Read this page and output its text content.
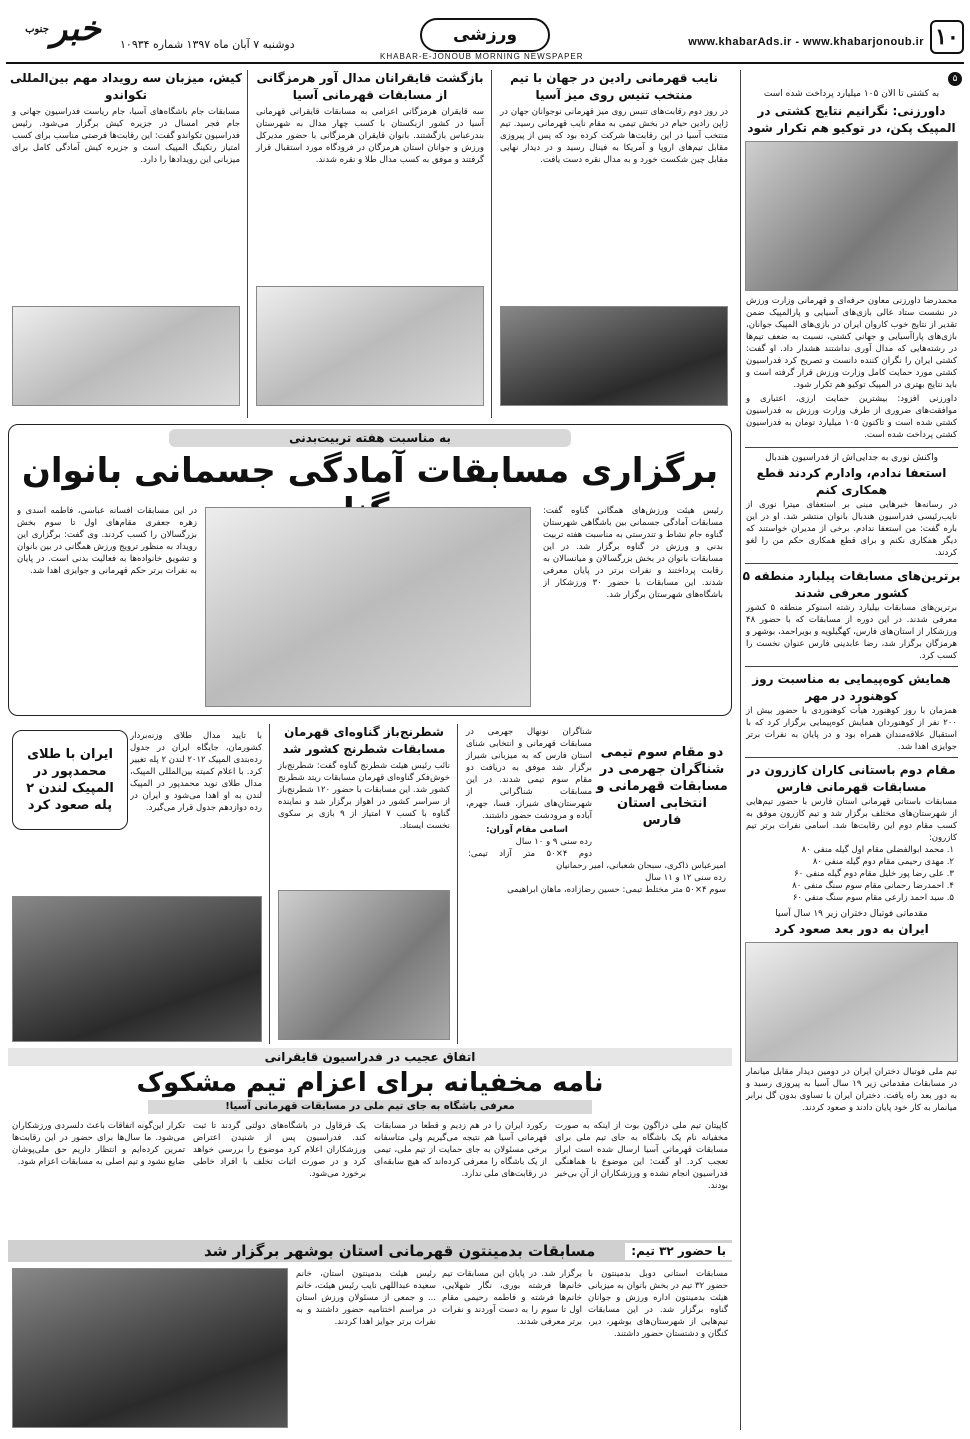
۱۰
www.khabarAds.ir - www.khabarjonoub.ir
ورزشی
KHABAR-E-JONOUB MORNING NEWSPAPER
خبر
جنوب
دوشنبه ۷ آبان ماه ۱۳۹۷ شماره ۱۰۹۳۴
۵
به کشتی تا الان ۱۰۵ میلیارد پرداخت شده است
داورزنی: نگرانیم نتایج کشتی در المپیک پکن، در توکیو هم تکرار شود
محمدرضا داورزنی معاون حرفه‌ای و قهرمانی وزارت ورزش در نشست ستاد عالی بازی‌های آسیایی و پارالمپیک ضمن تقدیر از نتایج خوب کاروان ایران در بازی‌های المپیک جوانان، بازی‌های پاراآسیایی و جهانی کشتی، نسبت به ضعف تیم‌ها در رشته‌هایی که مدال آوری نداشتند هشدار داد. او گفت: کشتی ایران را نگران کننده دانست و تصریح کرد فدراسیون کشتی مورد حمایت کامل وزارت ورزش قرار گرفته است و باید نتایج بهتری در المپیک توکیو هم تکرار شود.
داورزنی افزود: بیشترین حمایت ارزی، اعتباری و موافقت‌های ضروری از طرف وزارت ورزش به فدراسیون کشتی شده است و تاکنون ۱۰۵ میلیارد تومان به فدراسیون کشتی پرداخت شده است.
واکنش نوری به جدایی‌اش از فدراسیون هندبال
استعفا ندادم، وادارم کردند قطع همکاری کنم
در رسانه‌ها خبرهایی مبنی بر استعفای میترا نوری از نایب‌رئیسی فدراسیون هندبال بانوان منتشر شد. او در این باره گفت: من استعفا ندادم. برخی از مدیران خواستند که دیگر همکاری نکنم و برای قطع همکاری حکم من را لغو کردند.
برترین‌های مسابقات پیلبارد منطقه ۵ کشور معرفی شدند
برترین‌های مسابقات بیلیارد رشته اسنوکر منطقه ۵ کشور معرفی شدند. در این دوره از مسابقات که با حضور ۴۸ ورزشکار از استان‌های فارس، کهگیلویه و بویراحمد، بوشهر و هرمزگان برگزار شد، رضا عابدینی فارس عنوان نخست را کسب کرد.
همایش کوه‌پیمایی به مناسبت روز کوهنورد در مهر
همزمان با روز کوهنورد هیأت کوهنوردی با حضور بیش از ۲۰۰ نفر از کوهنوردان همایش کوه‌پیمایی برگزار کرد که با استقبال علاقه‌مندان همراه بود و در پایان به نفرات برتر جوایزی اهدا شد.
مقام دوم باستانی کاران کازرون در مسابقات قهرمانی فارس
مسابقات باستانی قهرمانی استان فارس با حضور تیم‌هایی از شهرستان‌های مختلف برگزار شد و تیم کازرون موفق به کسب مقام دوم این رقابت‌ها شد. اسامی نفرات برتر تیم کازرون:
۱. محمد ابوالفضلی مقام اول گیله منفی ۸۰
۲. مهدی رحیمی مقام دوم گیله منفی ۸۰
۳. علی رضا پور خلیل مقام دوم گیله منفی ۶۰
۴. احمدرضا رحمانی مقام سوم سنگ منفی ۸۰
۵. سید احمد زارعی مقام سوم سنگ منفی ۶۰
مقدماتی فوتبال دختران زیر ۱۹ سال آسیا
ایران به دور بعد صعود کرد
تیم ملی فوتبال دختران ایران در دومین دیدار مقابل میانمار در مسابقات مقدماتی زیر ۱۹ سال آسیا به پیروزی رسید و به دور بعد راه یافت. دختران ایران با تساوی بدون گل برابر میانمار به کار خود پایان دادند و صعود کردند.
نایب قهرمانی رادین در جهان با تیم منتخب تنیس روی میز آسیا
در روز دوم رقابت‌های تنیس روی میز قهرمانی نوجوانان جهان در ژاپن رادین حیام در بخش تیمی به مقام نایب قهرمانی رسید. تیم منتخب آسیا در این رقابت‌ها شرکت کرده بود که پس از پیروزی مقابل تیم‌های اروپا و آمریکا به فینال رسید و در دیدار نهایی مقابل چین شکست خورد و به مدال نقره دست یافت.
بازگشت قایقرانان مدال آور هرمزگانی از مسابقات قهرمانی آسیا
سه قایقران هرمزگانی اعزامی به مسابقات قایقرانی قهرمانی آسیا در کشور ازبکستان با کسب چهار مدال به شهرستان بندرعباس بازگشتند. بانوان قایقران هرمزگانی با حضور مدیرکل ورزش و جوانان استان هرمزگان در فرودگاه مورد استقبال قرار گرفتند و موفق به کسب مدال طلا و نقره شدند.
کیش، میزبان سه رویداد مهم بین‌المللی تکواندو
مسابقات جام باشگاه‌های آسیا، جام ریاست فدراسیون جهانی و جام فجر امسال در جزیره کیش برگزار می‌شود. رئیس فدراسیون تکواندو گفت: این رقابت‌ها فرصتی مناسب برای کسب امتیاز رنکینگ المپیک است و جزیره کیش آمادگی کامل برای میزبانی این رویدادها را دارد.
به مناسبت هفته تربیت‌بدنی
برگزاری مسابقات آمادگی جسمانی بانوان
رئیس هیئت ورزش‌های همگانی گناوه گفت: مسابقات آمادگی جسمانی بین باشگاهی شهرستان گناوه جام نشاط و تندرستی به مناسبت هفته تربیت بدنی و ورزش در گناوه برگزار شد. در این مسابقات بانوان در بخش بزرگسالان و میانسالان به رقابت پرداختند و نفرات برتر در پایان معرفی شدند. این مسابقات با حضور ۳۰ ورزشکار از باشگاه‌های شهرستان برگزار شد.
در این مسابقات افسانه عباسی، فاطمه اسدی و زهره جعفری مقام‌های اول تا سوم بخش بزرگسالان را کسب کردند. وی گفت: برگزاری این رویداد به منظور ترویج ورزش همگانی در بین بانوان و تشویق خانواده‌ها به فعالیت بدنی است. در پایان به نفرات برتر حکم قهرمانی و جوایزی اهدا شد.
دو مقام سوم تیمی شناگران جهرمی در مسابقات قهرمانی و انتخابی استان فارس
شناگران نونهال جهرمی در مسابقات قهرمانی و انتخابی شنای استان فارس که به میزبانی شیراز برگزار شد موفق به دریافت دو مقام سوم تیمی شدند. در این مسابقات شناگرانی از شهرستان‌های شیراز، فسا، جهرم، آباده و مرودشت حضور داشتند.
اسامی مقام آوران:
رده سنی ۹ و ۱۰ سال
دوم ۴×۵۰ متر آزاد تیمی: امیرعباس ذاکری، سبحان شعبانی، امیر رحمانیان
رده سنی ۱۲ و ۱۱ سال
سوم ۴×۵۰ متر مختلط تیمی: حسین رضازاده، ماهان ابراهیمی
شطرنج‌باز گناوه‌ای قهرمان مسابقات شطرنج کشور شد
نائب رئیس هیئت شطرنج گناوه گفت: شطرنج‌باز خوش‌فکر گناوه‌ای قهرمان مسابقات ریتد شطرنج کشور شد. این مسابقات با حضور ۱۲۰ شطرنج‌باز از سراسر کشور در اهواز برگزار شد و نماینده گناوه با کسب ۷ امتیاز از ۹ بازی بر سکوی نخست ایستاد.
ایران با طلای محمدپور در المپیک لندن ۲ پله صعود کرد
با تایید مدال طلای وزنه‌بردار کشورمان، جایگاه ایران در جدول رده‌بندی المپیک ۲۰۱۲ لندن ۲ پله تغییر کرد. با اعلام کمیته بین‌المللی المپیک، مدال طلای نوید محمدپور در المپیک لندن به او اهدا می‌شود و ایران در رده دوازدهم جدول قرار می‌گیرد.
اتفاق عجیب در فدراسیون قایقرانی
نامه مخفیانه برای اعزام تیم مشکوک
معرفی باشگاه به جای تیم ملی در مسابقات قهرمانی آسیا!
کاپیتان تیم ملی دراگون بوت از اینکه به صورت مخفیانه نام یک باشگاه به جای تیم ملی برای مسابقات قهرمانی آسیا ارسال شده است ابراز تعجب کرد. او گفت: این موضوع با هماهنگی فدراسیون انجام نشده و ورزشکاران از آن بی‌خبر بودند.
رکورد ایران را در هم زدیم و قطعا در مسابقات قهرمانی آسیا هم نتیجه می‌گیریم ولی متاسفانه برخی مسئولان به جای حمایت از تیم ملی، تیمی از یک باشگاه را معرفی کرده‌اند که هیچ سابقه‌ای در رقابت‌های ملی ندارد.
یک قرقاول در باشگاه‌های دولتی گردند تا ثبت کند. فدراسیون پس از شنیدن اعتراض ورزشکاران اعلام کرد موضوع را بررسی خواهد کرد و در صورت اثبات تخلف با افراد خاطی برخورد می‌شود.
تکرار این‌گونه اتفاقات باعث دلسردی ورزشکاران می‌شود. ما سال‌ها برای حضور در این رقابت‌ها تمرین کرده‌ایم و انتظار داریم حق ملی‌پوشان ضایع نشود و تیم اصلی به مسابقات اعزام شود.
با حضور ۳۲ تیم:
مسابقات بدمینتون قهرمانی استان بوشهر برگزار شد
مسابقات استانی دوبل بدمینتون با حضور ۳۲ تیم در بخش بانوان به میزبانی هیئت بدمینتون اداره ورزش و جوانان گناوه برگزار شد. در این مسابقات تیم‌هایی از شهرستان‌های بوشهر، دیر، کنگان و دشتستان حضور داشتند.
برگزار شد. در پایان این مسابقات تیم خانم‌ها فرشته بوری، نگار شهلایی، خانم‌ها فرشته و فاطمه رحیمی مقام اول تا سوم را به دست آوردند و نفرات برتر معرفی شدند.
رئیس هیئت بدمینتون استان، خانم سعیده عبداللهی نایب رئیس هیئت، خانم ... و جمعی از مسئولان ورزش استان در مراسم اختتامیه حضور داشتند و به نفرات برتر جوایز اهدا کردند.
